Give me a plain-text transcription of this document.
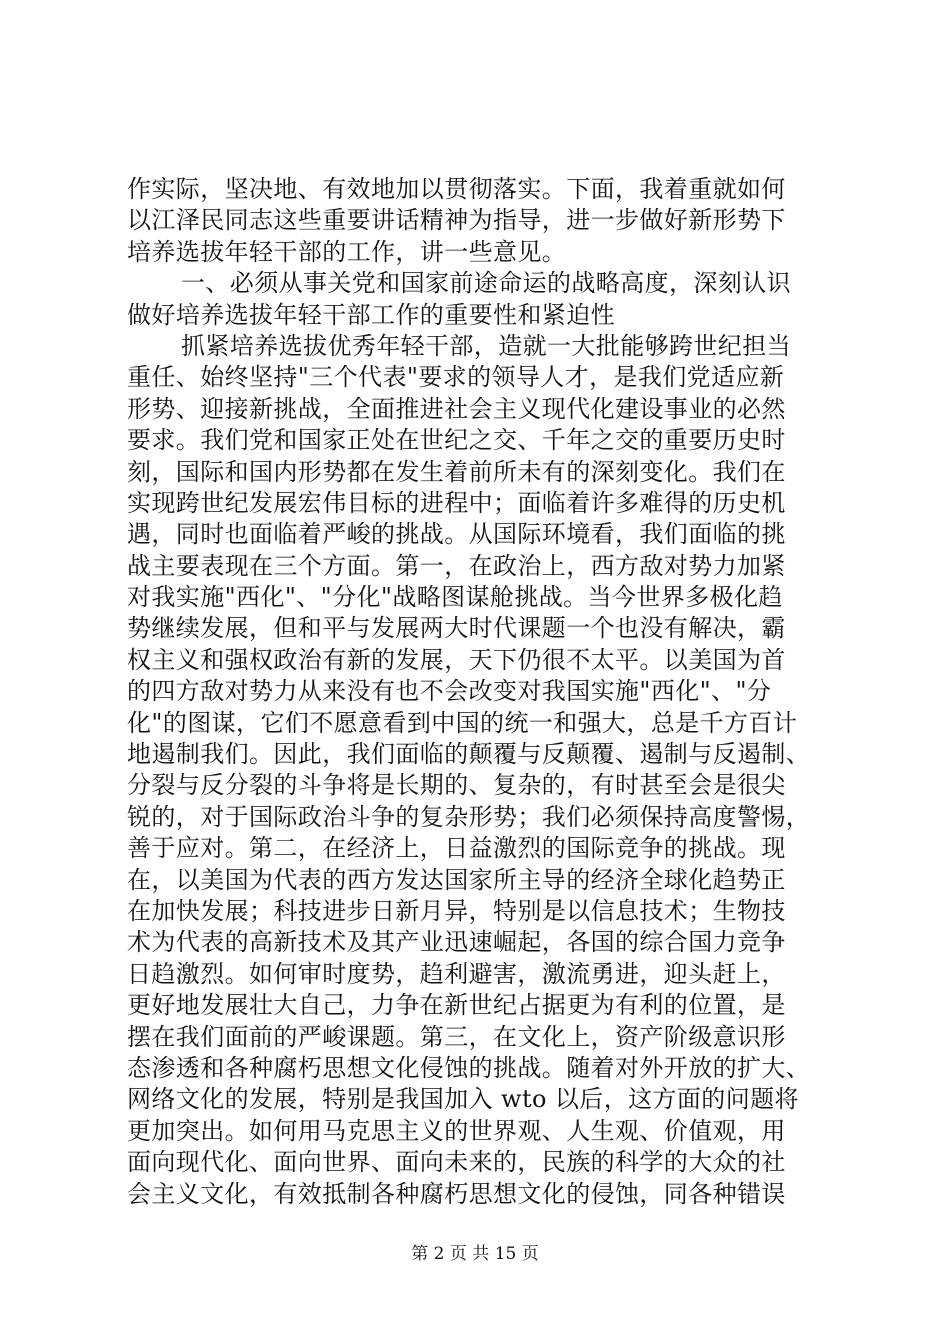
作实际，坚决地、有效地加以贯彻落实。下面，我着重就如何
以江泽民同志这些重要讲话精神为指导，进一步做好新形势下
培养选拔年轻干部的工作，讲一些意见。
一、必须从事关党和国家前途命运的战略高度，深刻认识
做好培养选拔年轻干部工作的重要性和紧迫性
抓紧培养选拔优秀年轻干部，造就一大批能够跨世纪担当
重任、始终坚持"三个代表"要求的领导人才，是我们党适应新
形势、迎接新挑战，全面推进社会主义现代化建设事业的必然
要求。我们党和国家正处在世纪之交、千年之交的重要历史时
刻，国际和国内形势都在发生着前所未有的深刻变化。我们在
实现跨世纪发展宏伟目标的进程中；面临着许多难得的历史机
遇，同时也面临着严峻的挑战。从国际环境看，我们面临的挑
战主要表现在三个方面。第一，在政治上，西方敌对势力加紧
对我实施"西化"、"分化"战略图谋舱挑战。当今世界多极化趋
势继续发展，但和平与发展两大时代课题一个也没有解决，霸
权主义和强权政治有新的发展，天下仍很不太平。以美国为首
的四方敌对势力从来没有也不会改变对我国实施"西化"、"分
化"的图谋，它们不愿意看到中国的统一和强大，总是千方百计
地遏制我们。因此，我们面临的颠覆与反颠覆、遏制与反遏制、
分裂与反分裂的斗争将是长期的、复杂的，有时甚至会是很尖
锐的，对于国际政治斗争的复杂形势；我们必须保持高度警惕，
善于应对。第二，在经济上，日益激烈的国际竞争的挑战。现
在，以美国为代表的西方发达国家所主导的经济全球化趋势正
在加快发展；科技进步日新月异，特别是以信息技术；生物技
术为代表的高新技术及其产业迅速崛起，各国的综合国力竞争
日趋激烈。如何审时度势，趋利避害，激流勇进，迎头赶上，
更好地发展壮大自己，力争在新世纪占据更为有利的位置，是
摆在我们面前的严峻课题。第三，在文化上，资产阶级意识形
态渗透和各种腐朽思想文化侵蚀的挑战。随着对外开放的扩大、
网络文化的发展，特别是我国加入 wto 以后，这方面的问题将
更加突出。如何用马克思主义的世界观、人生观、价值观，用
面向现代化、面向世界、面向未来的，民族的科学的大众的社
会主义文化，有效抵制各种腐朽思想文化的侵蚀，同各种错误
第 2 页 共 15 页
